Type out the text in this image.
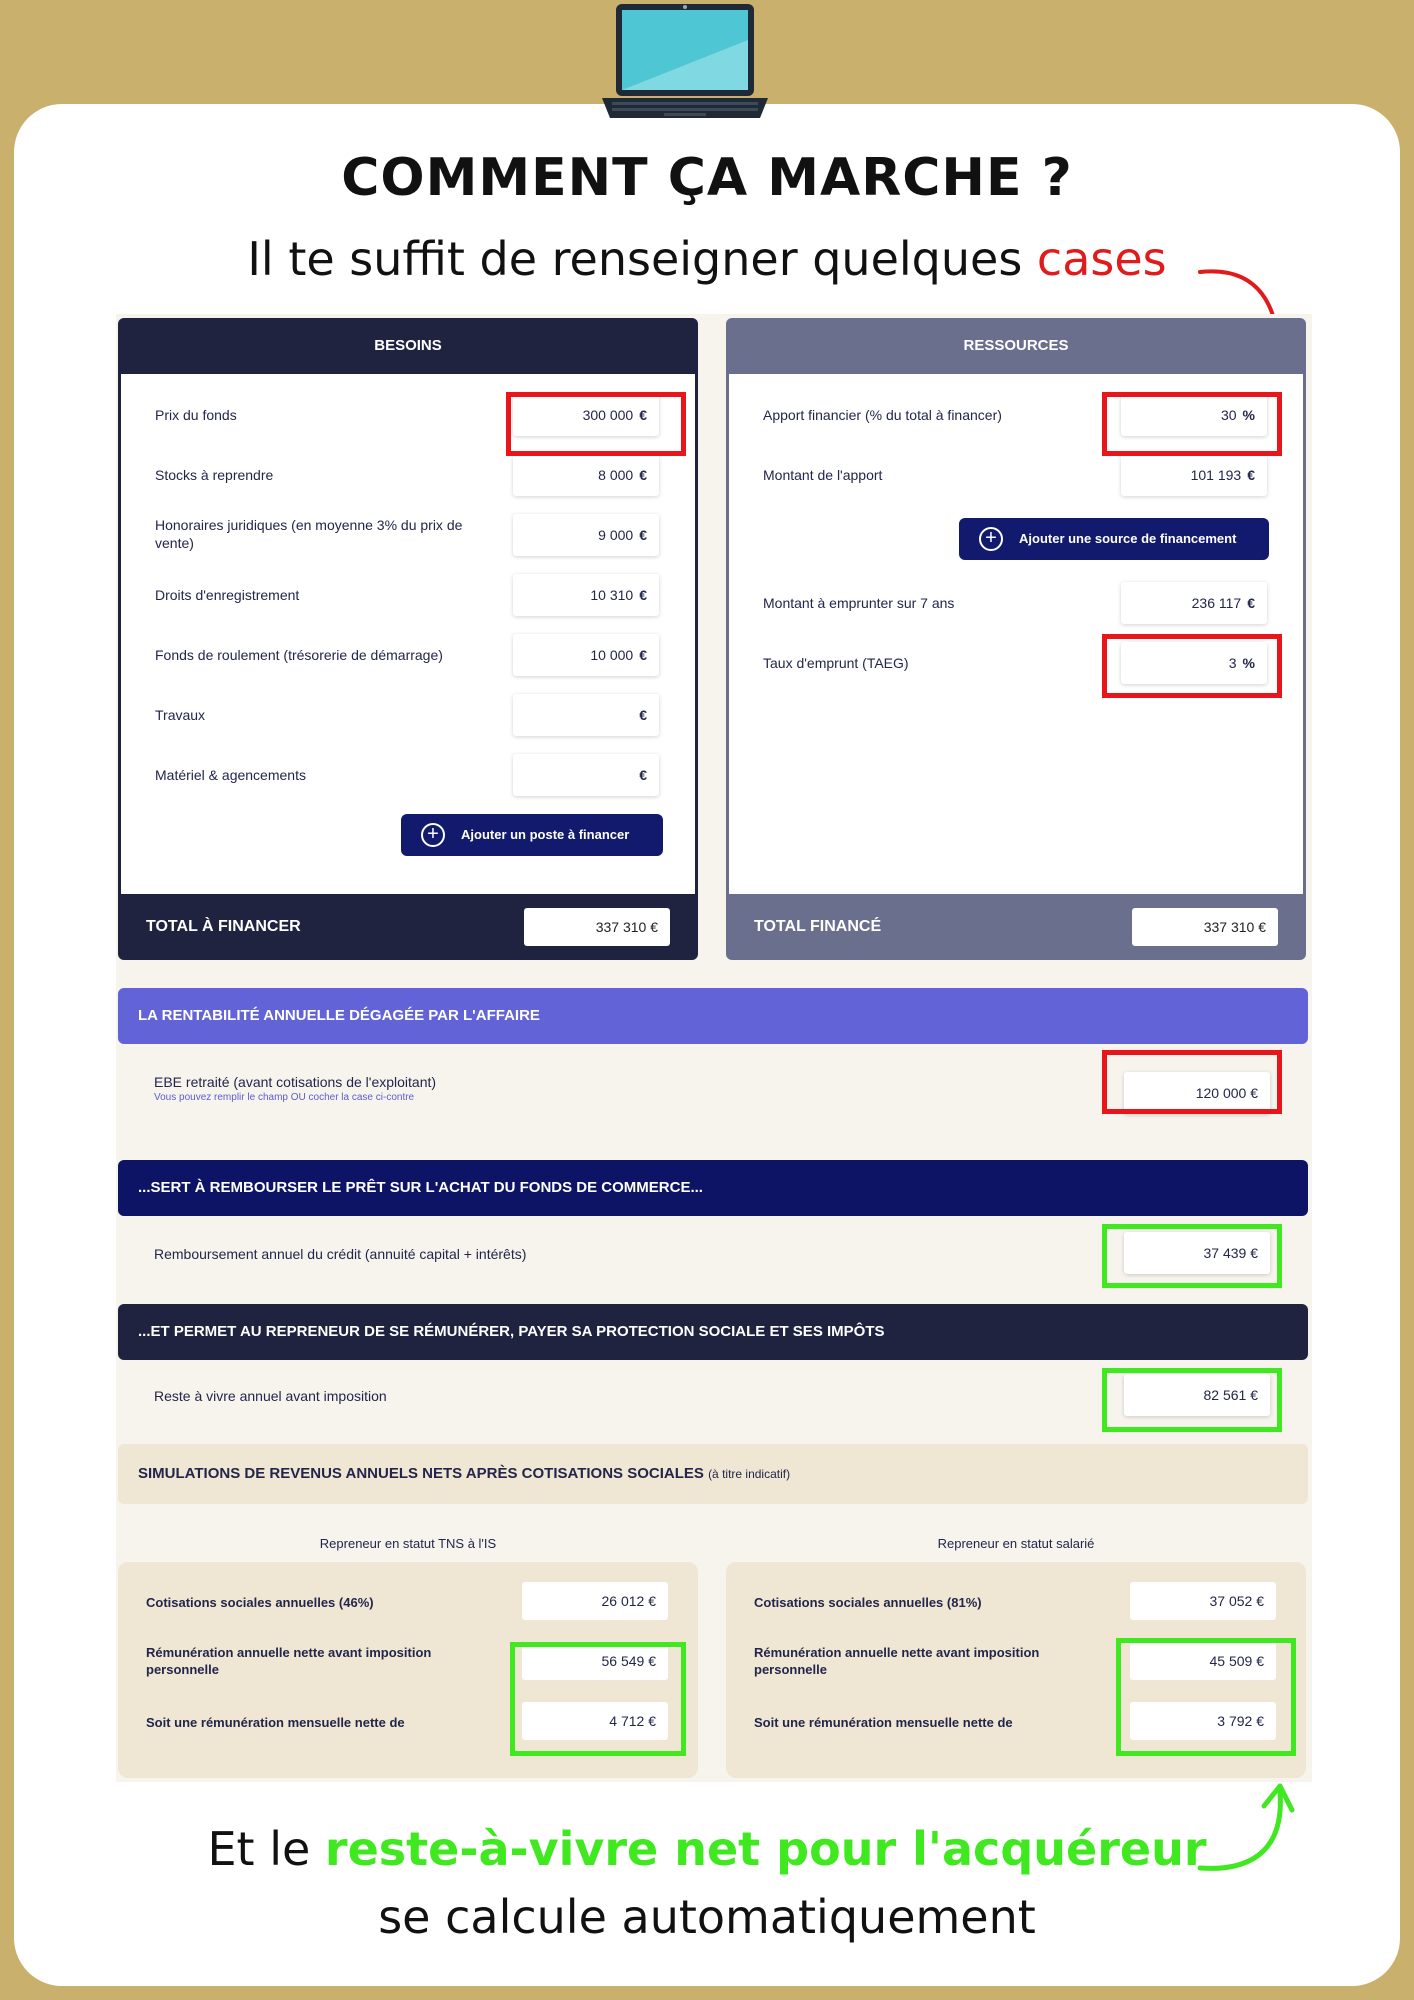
COMMENT ÇA MARCHE ?
Il te suffit de renseigner quelques cases
BESOINS
Prix du fonds	300 000 €
Stocks à reprendre	8 000 €
Honoraires juridiques (en moyenne 3% du prix de vente)	9 000 €
Droits d'enregistrement	10 310 €
Fonds de roulement (trésorerie de démarrage)	10 000 €
Travaux	€
Matériel & agencements	€
+	Ajouter un poste à financer
TOTAL À FINANCER	337 310 €
RESSOURCES
Apport financier (% du total à financer)	30 %
Montant de l'apport	101 193 €
+	Ajouter une source de financement
Montant à emprunter sur 7 ans	236 117 €
Taux d'emprunt (TAEG)	3 %
TOTAL FINANCÉ	337 310 €
LA RENTABILITÉ ANNUELLE DÉGAGÉE PAR L'AFFAIRE
EBE retraité (avant cotisations de l'exploitant)
Vous pouvez remplir le champ OU cocher la case ci-contre	120 000 €
...SERT À REMBOURSER LE PRÊT SUR L'ACHAT DU FONDS DE COMMERCE...
Remboursement annuel du crédit (annuité capital + intérêts)	37 439 €
...ET PERMET AU REPRENEUR DE SE RÉMUNÉRER, PAYER SA PROTECTION SOCIALE ET SES IMPÔTS
Reste à vivre annuel avant imposition	82 561 €
SIMULATIONS DE REVENUS ANNUELS NETS APRÈS COTISATIONS SOCIALES (à titre indicatif)
Repreneur en statut TNS à l'IS	Repreneur en statut salarié
Cotisations sociales annuelles (46%)	26 012 €
Rémunération annuelle nette avant imposition personnelle
56 549 €
Soit une rémunération mensuelle nette de	4 712 €
Cotisations sociales annuelles (81%)	37 052 €
Rémunération annuelle nette avant imposition personnelle
45 509 €
Soit une rémunération mensuelle nette de	3 792 €
Et le reste-à-vivre net pour l'acquéreur
se calcule automatiquement
